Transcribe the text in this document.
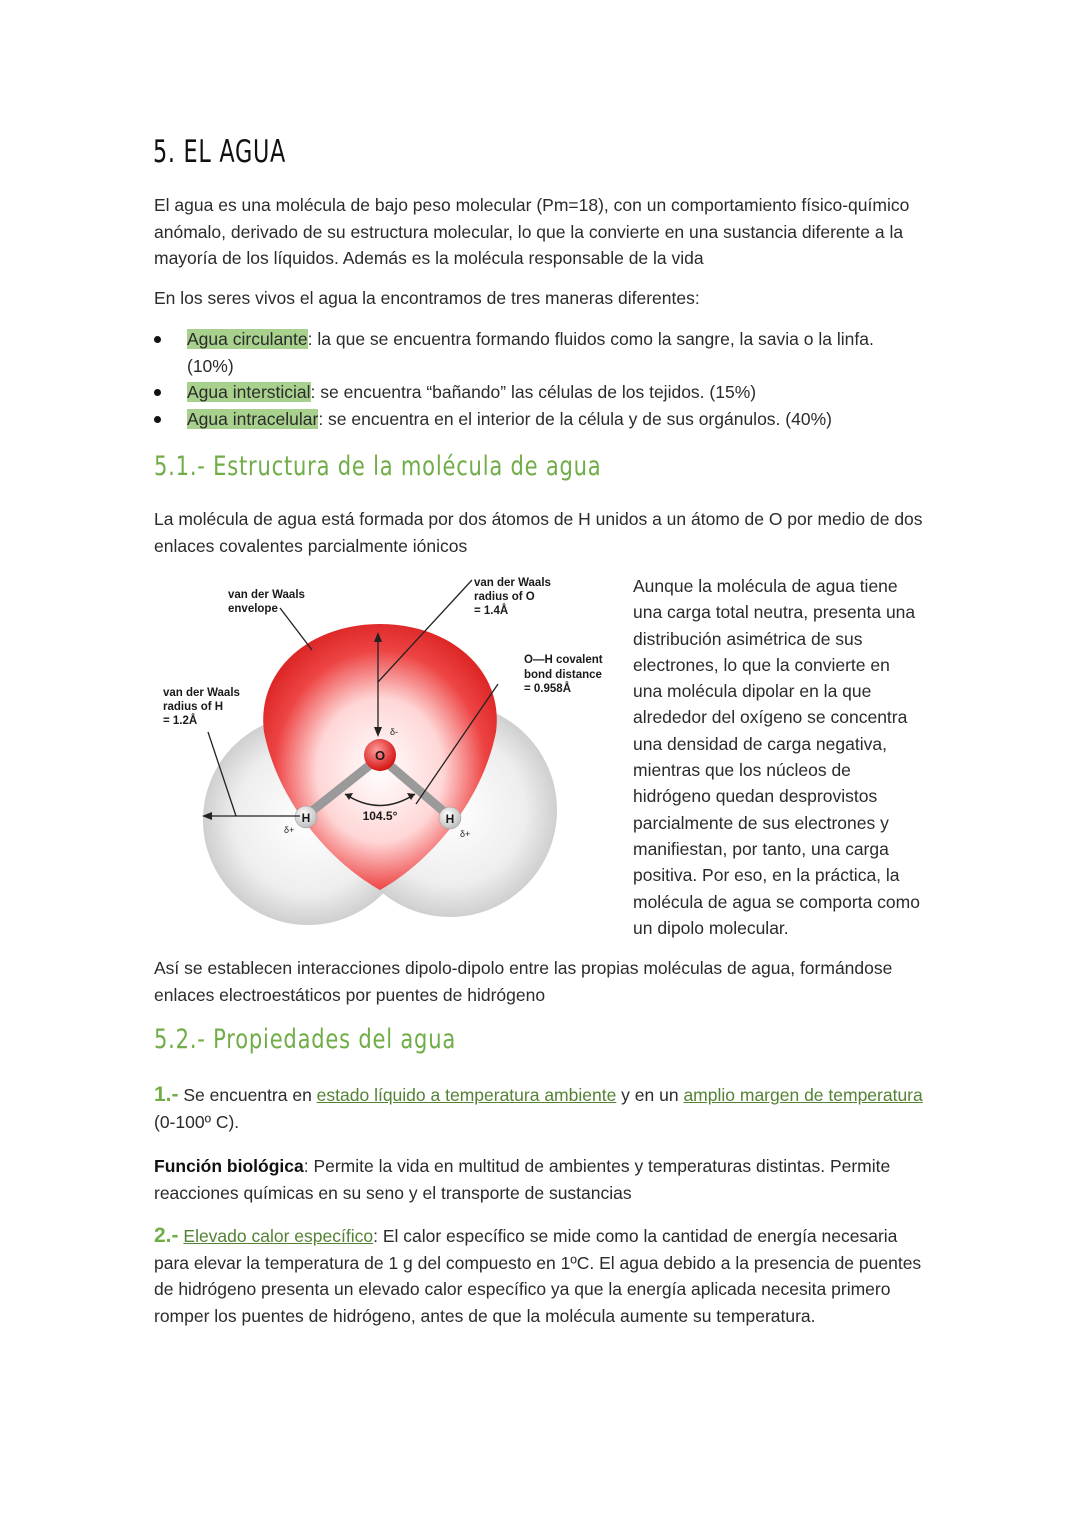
5. EL AGUA

El agua es una molécula de bajo peso molecular (Pm=18), con un comportamiento físico-químico anómalo, derivado de su estructura molecular, lo que la convierte en una sustancia diferente a la mayoría de los líquidos. Además es la molécula responsable de la vida

En los seres vivos el agua la encontramos de tres maneras diferentes:

Agua circulante: la que se encuentra formando fluidos como la sangre, la savia o la linfa. (10%)
Agua intersticial: se encuentra “bañando” las células de los tejidos. (15%)
Agua intracelular: se encuentra en el interior de la célula y de sus orgánulos. (40%)
5.1.- Estructura de la molécula de agua

La molécula de agua está formada por dos átomos de H unidos a un átomo de O por medio de dos enlaces covalentes parcialmente iónicos

O
H	H
104.5°
δ-
δ+	δ+
van der Waals envelope
van der Waals radius of O = 1.4Å
O—H covalent bond distance = 0.958Å
van der Waals radius of H = 1.2Å

Aunque la molécula de agua tiene una carga total neutra, presenta una distribución asimétrica de sus electrones, lo que la convierte en una molécula dipolar en la que alrededor del oxígeno se concentra una densidad de carga negativa, mientras que los núcleos de hidrógeno quedan desprovistos parcialmente de sus electrones y manifiestan, por tanto, una carga positiva. Por eso, en la práctica, la molécula de agua se comporta como un dipolo molecular.

Así se establecen interacciones dipolo-dipolo entre las propias moléculas de agua, formándose enlaces electroestáticos por puentes de hidrógeno

5.2.- Propiedades del agua

1.- Se encuentra en estado líquido a temperatura ambiente y en un amplio margen de temperatura (0-100º C).

Función biológica: Permite la vida en multitud de ambientes y temperaturas distintas. Permite reacciones químicas en su seno y el transporte de sustancias

2.- Elevado calor específico: El calor específico se mide como la cantidad de energía necesaria para elevar la temperatura de 1 g del compuesto en 1ºC. El agua debido a la presencia de puentes de hidrógeno presenta un elevado calor específico ya que la energía aplicada necesita primero romper los puentes de hidrógeno, antes de que la molécula aumente su temperatura.
